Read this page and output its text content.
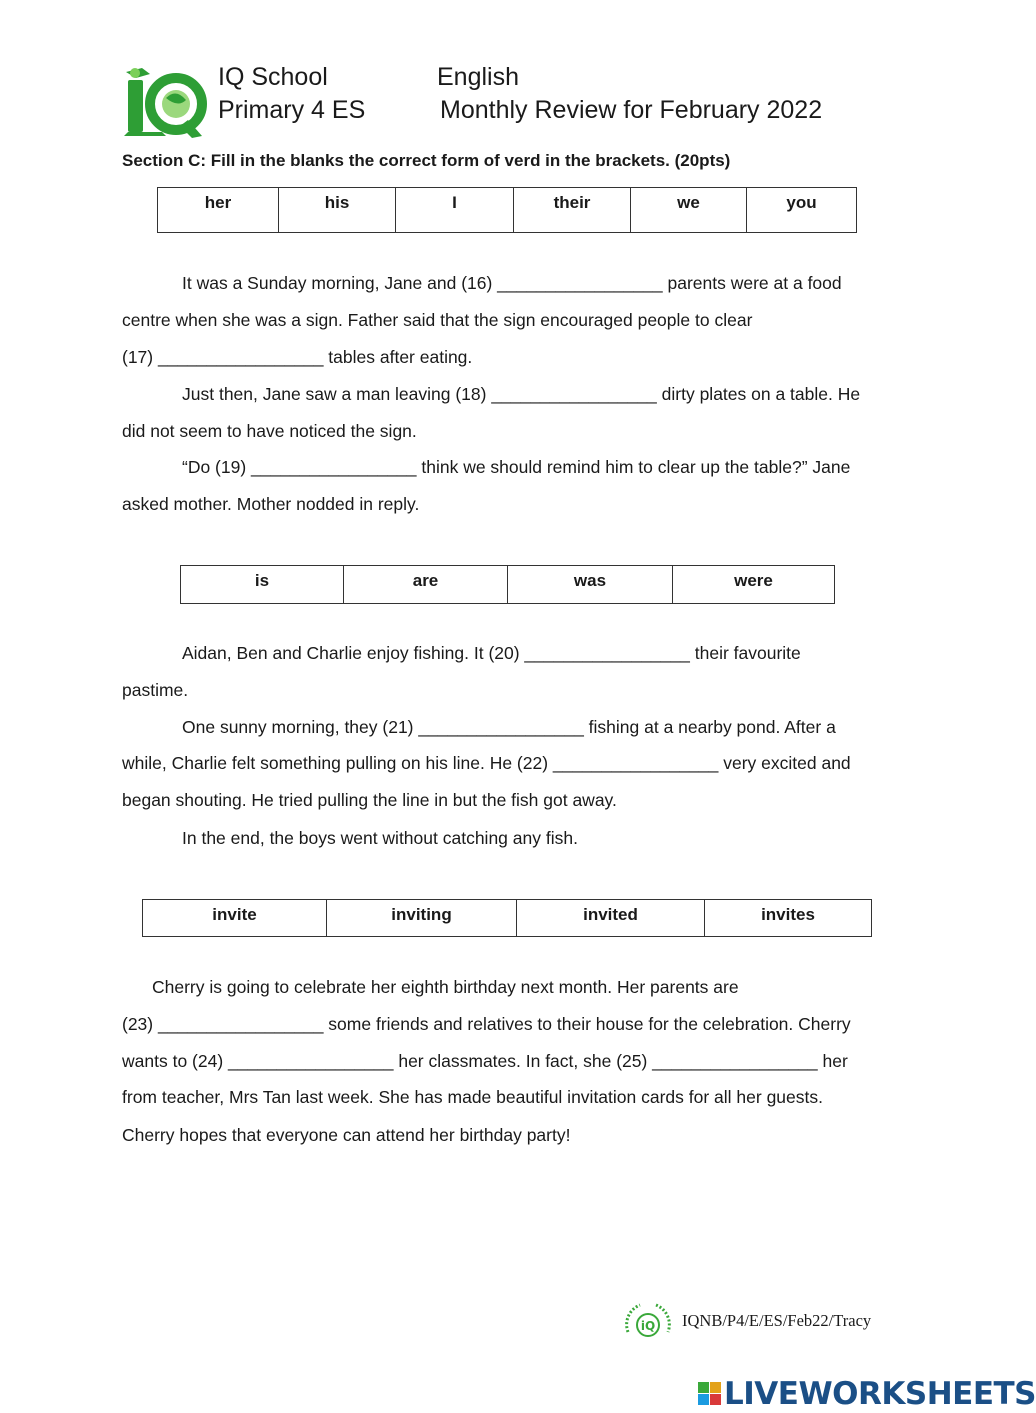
IQ School
Primary 4 ES
English
Monthly Review for February 2022
Section C: Fill in the blanks the correct form of verd in the brackets. (20pts)
her	his	I	their	we	you
It was a Sunday morning, Jane and (16) _________________ parents were at a food
centre when she was a sign. Father said that the sign encouraged people to clear
(17) _________________ tables after eating.
Just then, Jane saw a man leaving (18) _________________ dirty plates on a table. He
did not seem to have noticed the sign.
“Do (19) _________________ think we should remind him to clear up the table?” Jane
asked mother. Mother nodded in reply.
is	are	was	were
Aidan, Ben and Charlie enjoy fishing. It (20) _________________ their favourite
pastime.
One sunny morning, they (21) _________________ fishing at a nearby pond. After a
while, Charlie felt something pulling on his line. He (22) _________________ very excited and
began shouting. He tried pulling the line in but the fish got away.
In the end, the boys went without catching any fish.
invite	inviting	invited	invites
Cherry is going to celebrate her eighth birthday next month. Her parents are
(23) _________________ some friends and relatives to their house for the celebration. Cherry
wants to (24) _________________ her classmates. In fact, she (25) _________________ her
from teacher, Mrs Tan last week. She has made beautiful invitation cards for all her guests.
Cherry hopes that everyone can attend her birthday party!
iQ IQNB/P4/E/ES/Feb22/Tracy
LIVEWORKSHEETS
